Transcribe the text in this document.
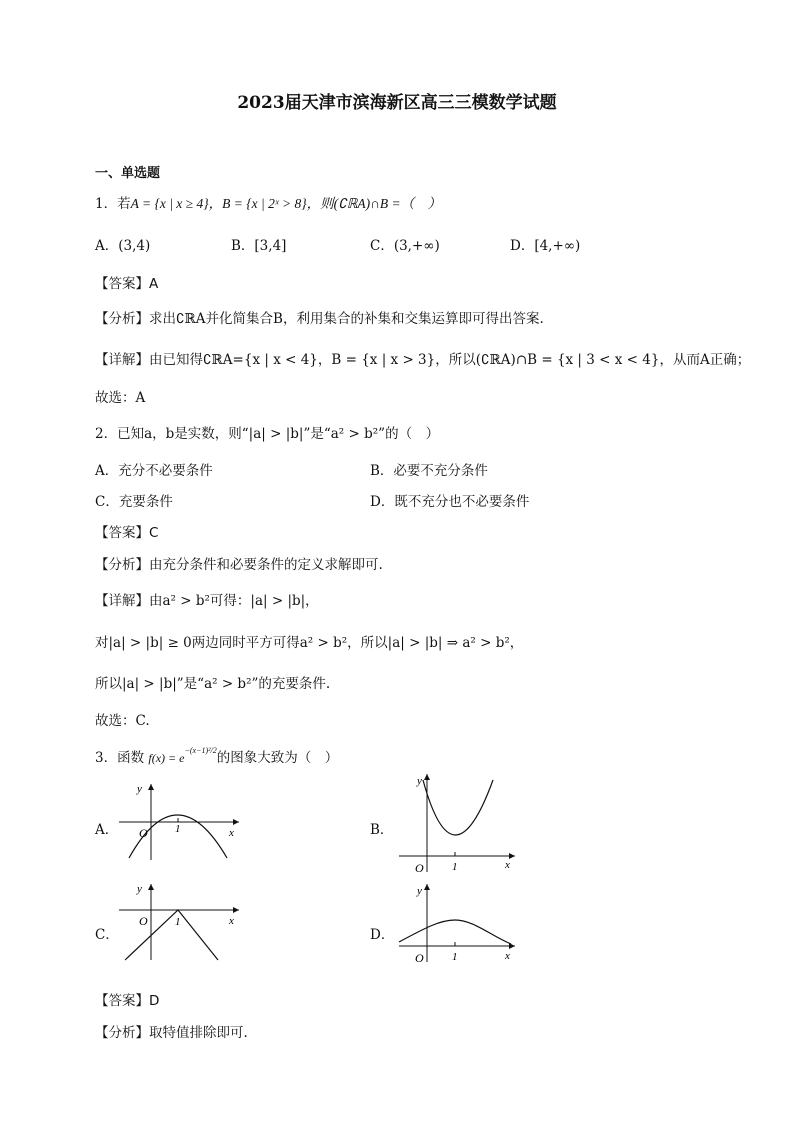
2023届天津市滨海新区高三三模数学试题
一、单选题
1．若A = {x | x ≥ 4}，B = {x | 2ˣ > 8}，则(∁ℝA)∩B =（　）
A．(3,4)	B．[3,4]	C．(3,+∞)	D．[4,+∞)
【答案】A
【分析】求出∁ℝA并化简集合B，利用集合的补集和交集运算即可得出答案.
【详解】由已知得∁ℝA={x | x < 4}，B = {x | x > 3}，所以(∁ℝA)∩B = {x | 3 < x < 4}，从而A正确；
故选：A
2．已知a，b是实数，则“|a| > |b|”是“a² > b²”的（　）
A．充分不必要条件	B．必要不充分条件
C．充要条件	D．既不充分也不必要条件
【答案】C
【分析】由充分条件和必要条件的定义求解即可.
【详解】由a² > b²可得：|a| > |b|，
对|a| > |b| ≥ 0两边同时平方可得a² > b²，所以|a| > |b| ⇒ a² > b²，
所以|a| > |b|”是“a² > b²”的充要条件.
故选：C.
3．函数 $f(x) = e^{-(x-1)^2/2}$的图象大致为（　）
A．	B．
C．	D．
y
x
O 1
y
x
O	1
y
x
O 1
y
x
O	1
【答案】D
【分析】取特值排除即可.
